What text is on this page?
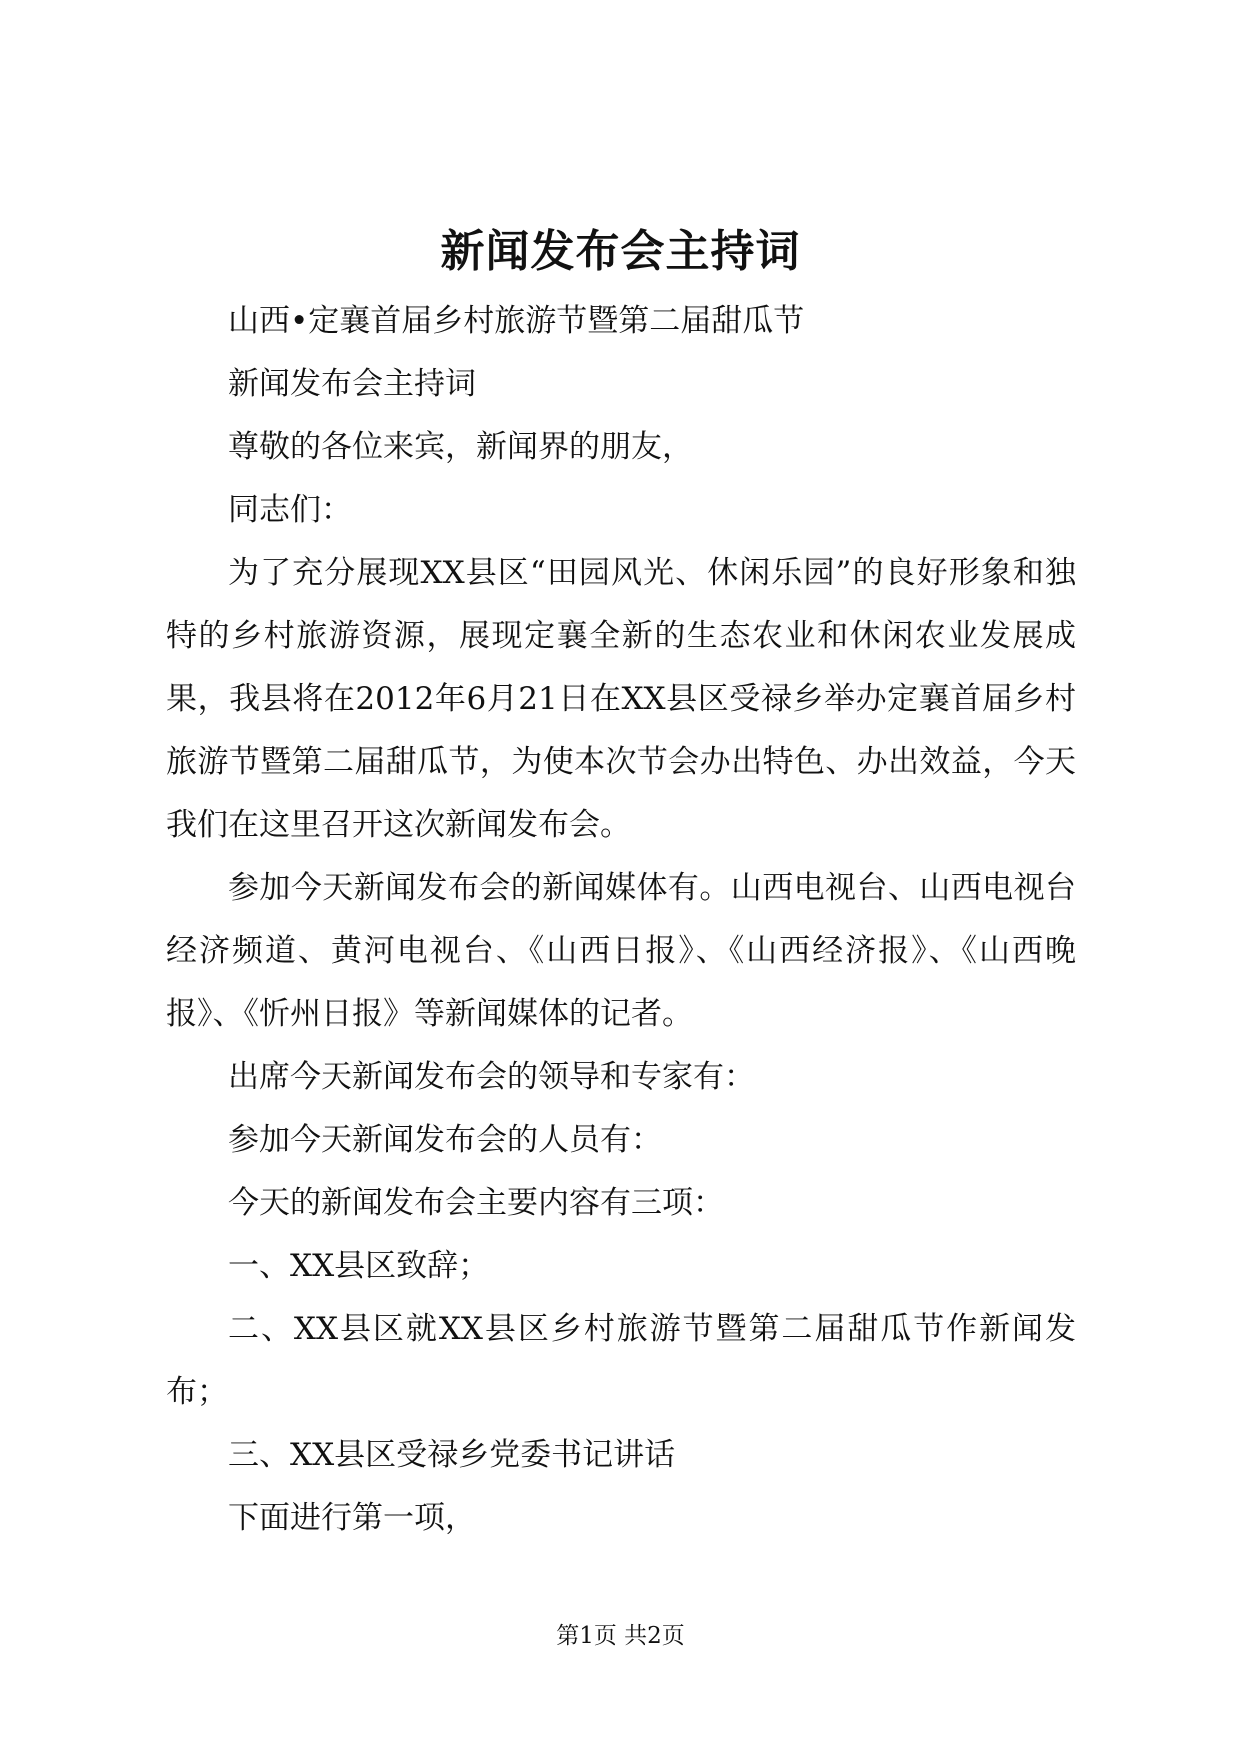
新闻发布会主持词

山西•定襄首届乡村旅游节暨第二届甜瓜节

新闻发布会主持词

尊敬的各位来宾，新闻界的朋友，

同志们：

为了充分展现XX县区“田园风光、休闲乐园”的良好形象和独特的乡村旅游资源，展现定襄全新的生态农业和休闲农业发展成果，我县将在2012年6月21日在XX县区受禄乡举办定襄首届乡村旅游节暨第二届甜瓜节，为使本次节会办出特色、办出效益，今天我们在这里召开这次新闻发布会。

参加今天新闻发布会的新闻媒体有。山西电视台、山西电视台经济频道、黄河电视台、《山西日报》、《山西经济报》、《山西晚报》、《忻州日报》等新闻媒体的记者。

出席今天新闻发布会的领导和专家有：

参加今天新闻发布会的人员有：

今天的新闻发布会主要内容有三项：

一、XX县区致辞；

二、XX县区就XX县区乡村旅游节暨第二届甜瓜节作新闻发布；

三、XX县区受禄乡党委书记讲话

下面进行第一项，

第1页 共2页
